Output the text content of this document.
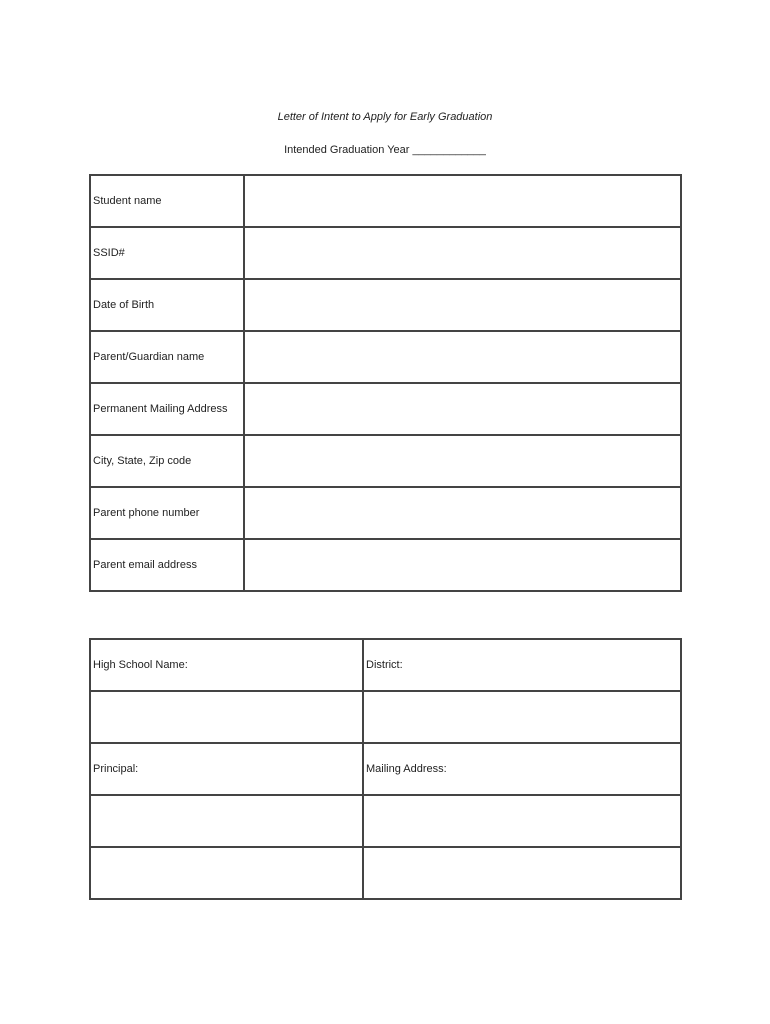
Letter of Intent to Apply for Early Graduation
Intended Graduation Year ____________
Student name	
SSID#	
Date of Birth	
Parent/Guardian name	
Permanent Mailing Address	
City, State, Zip code	
Parent phone number	
Parent email address	
High School Name:	District:

Principal:	Mailing Address:
